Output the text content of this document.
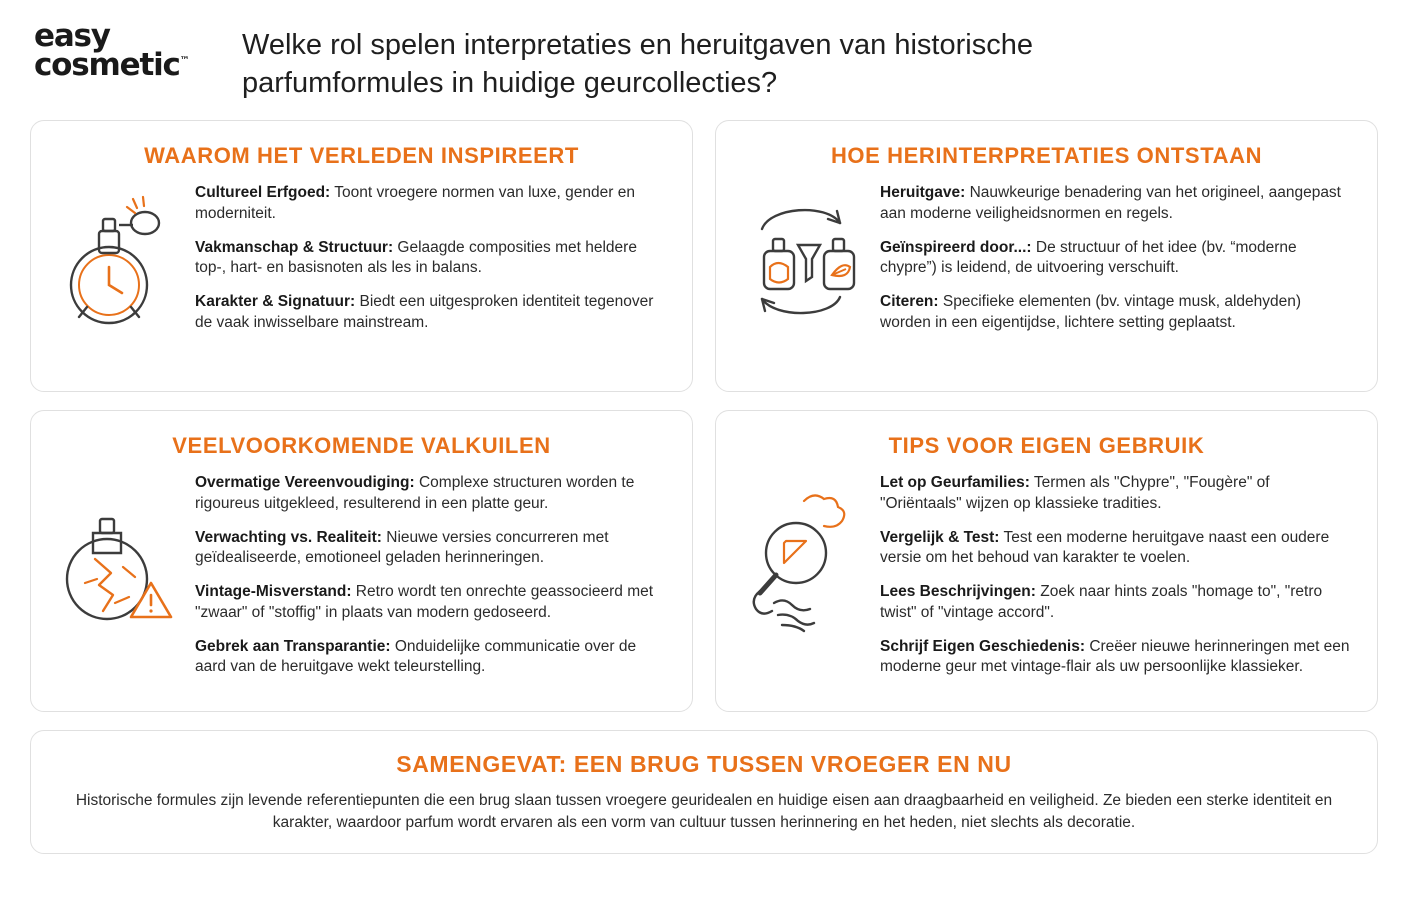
easy
cosmetic™	Welke rol spelen interpretaties en heruitgaven van historische parfumformules in huidige geurcollecties?
WAAROM HET VERLEDEN INSPIREERT

Cultureel Erfgoed: Toont vroegere normen van luxe, gender en moderniteit.

Vakmanschap & Structuur: Gelaagde composities met heldere top-, hart- en basisnoten als les in balans.

Karakter & Signatuur: Biedt een uitgesproken identiteit tegenover de vaak inwisselbare mainstream.

HOE HERINTERPRETATIES ONTSTAAN

Heruitgave: Nauwkeurige benadering van het origineel, aangepast aan moderne veiligheidsnormen en regels.

Geïnspireerd door...: De structuur of het idee (bv. “moderne chypre”) is leidend, de uitvoering verschuift.

Citeren: Specifieke elementen (bv. vintage musk, aldehyden) worden in een eigentijdse, lichtere setting geplaatst.

VEELVOORKOMENDE VALKUILEN

Overmatige Vereenvoudiging: Complexe structuren worden te rigoureus uitgekleed, resulterend in een platte geur.

Verwachting vs. Realiteit: Nieuwe versies concurreren met geïdealiseerde, emotioneel geladen herinneringen.

Vintage-Misverstand: Retro wordt ten onrechte geassocieerd met "zwaar" of "stoffig" in plaats van modern gedoseerd.

Gebrek aan Transparantie: Onduidelijke communicatie over de aard van de heruitgave wekt teleurstelling.

TIPS VOOR EIGEN GEBRUIK

Let op Geurfamilies: Termen als "Chypre", "Fougère" of "Oriëntaals" wijzen op klassieke tradities.

Vergelijk & Test: Test een moderne heruitgave naast een oudere versie om het behoud van karakter te voelen.

Lees Beschrijvingen: Zoek naar hints zoals "homage to", "retro twist" of "vintage accord".

Schrijf Eigen Geschiedenis: Creëer nieuwe herinneringen met een moderne geur met vintage-flair als uw persoonlijke klassieker.

SAMENGEVAT: EEN BRUG TUSSEN VROEGER EN NU

Historische formules zijn levende referentiepunten die een brug slaan tussen vroegere geuridealen en huidige eisen aan draagbaarheid en veiligheid. Ze bieden een sterke identiteit en karakter, waardoor parfum wordt ervaren als een vorm van cultuur tussen herinnering en het heden, niet slechts als decoratie.
